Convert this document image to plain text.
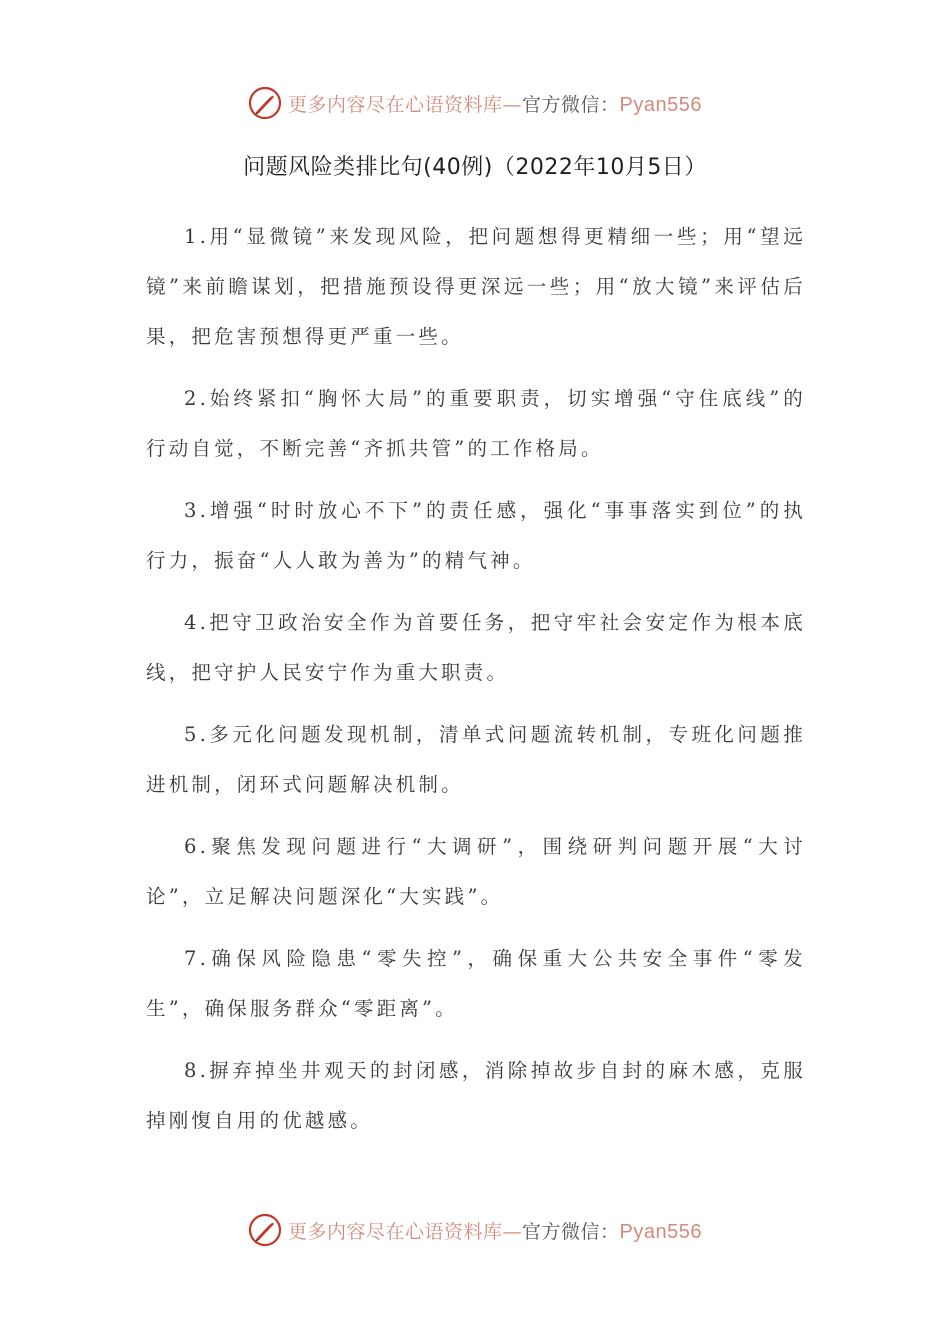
更多内容尽在心语资料库—官方微信：Pyan556
问题风险类排比句(40例)（2022年10月5日）

1.用“显微镜”来发现风险，把问题想得更精细一些；用“望远镜”来前瞻谋划，把措施预设得更深远一些；用“放大镜”来评估后果，把危害预想得更严重一些。

2.始终紧扣“胸怀大局”的重要职责，切实增强“守住底线”的行动自觉，不断完善“齐抓共管”的工作格局。

3.增强“时时放心不下”的责任感，强化“事事落实到位”的执行力，振奋“人人敢为善为”的精气神。

4.把守卫政治安全作为首要任务，把守牢社会安定作为根本底线，把守护人民安宁作为重大职责。

5.多元化问题发现机制，清单式问题流转机制，专班化问题推进机制，闭环式问题解决机制。

6.聚焦发现问题进行“大调研”，围绕研判问题开展“大讨论”，立足解决问题深化“大实践”。

7.确保风险隐患“零失控”，确保重大公共安全事件“零发生”，确保服务群众“零距离”。

8.摒弃掉坐井观天的封闭感，消除掉故步自封的麻木感，克服掉刚愎自用的优越感。

更多内容尽在心语资料库—官方微信：Pyan556
